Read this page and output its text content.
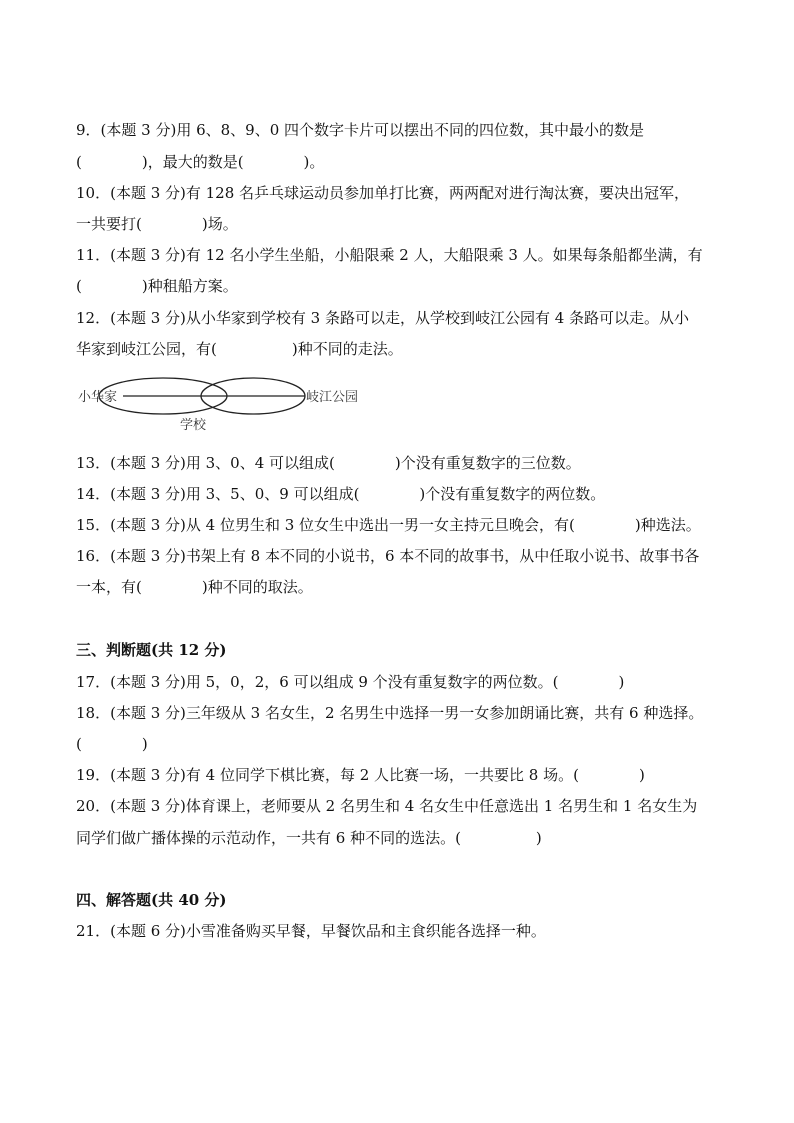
9．(本题 3 分)用 6、8、9、0 四个数字卡片可以摆出不同的四位数，其中最小的数是
(　　　　)，最大的数是(　　　　)。
10．(本题 3 分)有 128 名乒乓球运动员参加单打比赛，两两配对进行淘汰赛，要决出冠军，
一共要打(　　　　)场。
11．(本题 3 分)有 12 名小学生坐船，小船限乘 2 人，大船限乘 3 人。如果每条船都坐满，有
(　　　　)种租船方案。
12．(本题 3 分)从小华家到学校有 3 条路可以走，从学校到岐江公园有 4 条路可以走。从小
华家到岐江公园，有(　　　　　)种不同的走法。
小华家
学校
岐江公园
13．(本题 3 分)用 3、0、4 可以组成(　　　　)个没有重复数字的三位数。
14．(本题 3 分)用 3、5、0、9 可以组成(　　　　)个没有重复数字的两位数。
15．(本题 3 分)从 4 位男生和 3 位女生中选出一男一女主持元旦晚会，有(　　　　)种选法。
16．(本题 3 分)书架上有 8 本不同的小说书，6 本不同的故事书，从中任取小说书、故事书各
一本，有(　　　　)种不同的取法。
三、判断题(共 12 分)
17．(本题 3 分)用 5，0，2，6 可以组成 9 个没有重复数字的两位数。(　　　　)
18．(本题 3 分)三年级从 3 名女生，2 名男生中选择一男一女参加朗诵比赛，共有 6 种选择。
(　　　　)
19．(本题 3 分)有 4 位同学下棋比赛，每 2 人比赛一场，一共要比 8 场。(　　　　)
20．(本题 3 分)体育课上，老师要从 2 名男生和 4 名女生中任意选出 1 名男生和 1 名女生为
同学们做广播体操的示范动作，一共有 6 种不同的选法。(　　　　　)
四、解答题(共 40 分)
21．(本题 6 分)小雪准备购买早餐，早餐饮品和主食织能各选择一种。
